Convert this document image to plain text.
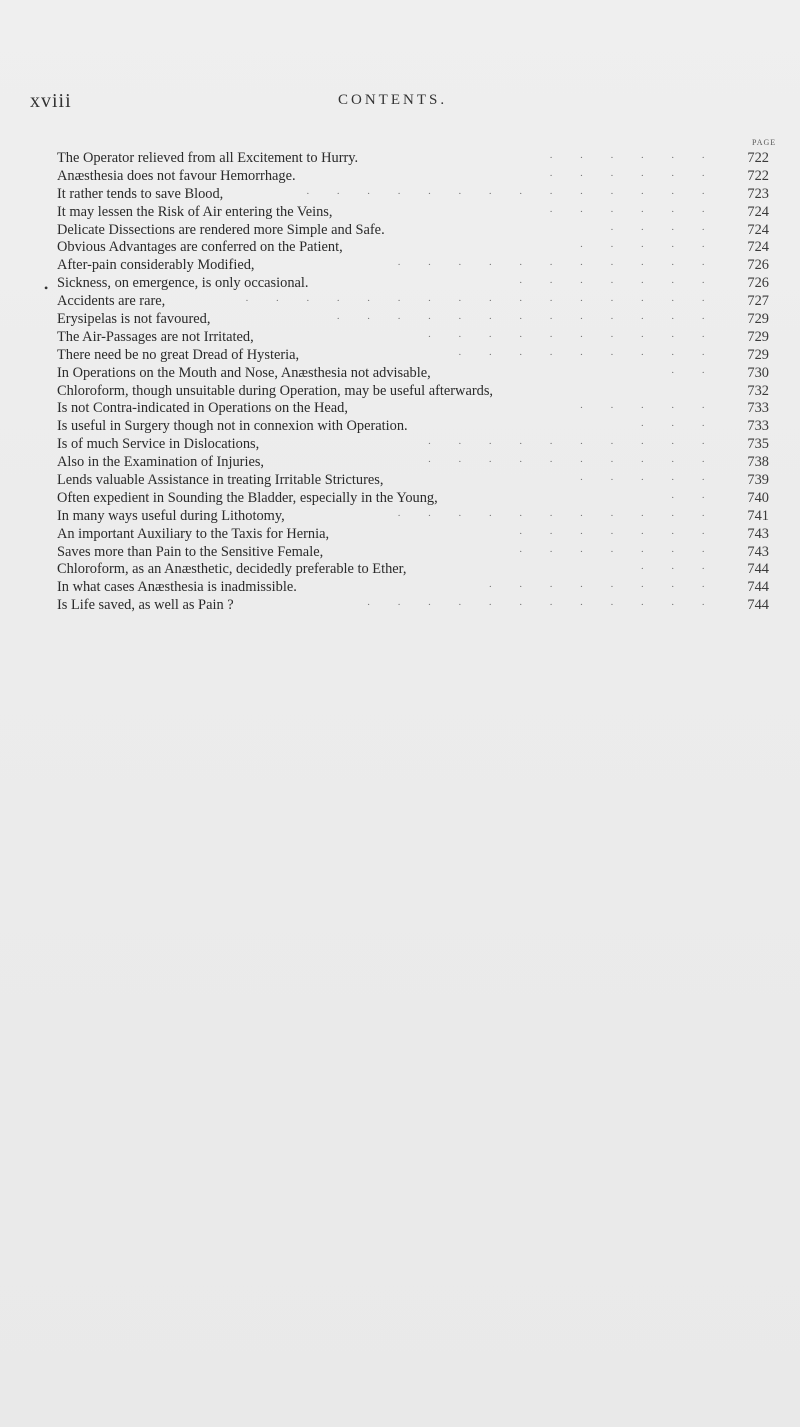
xviii	CONTENTS.
PAGE
•
· · · · · ·
The Operator relieved from all Excitement to Hurry.	722
· · · · · ·
Anæsthesia does not favour Hemorrhage.	722
· · · · · · · · · · · · · ·
It rather tends to save Blood,	723
· · · · · ·
It may lessen the Risk of Air entering the Veins,	724
· · · ·
Delicate Dissections are rendered more Simple and Safe.	724
· · · · ·
Obvious Advantages are conferred on the Patient,	724
· · · · · · · · · · ·
After-pain considerably Modified,	726
· · · · · · ·
Sickness, on emergence, is only occasional.	726
· · · · · · · · · · · · · · · ·
Accidents are rare,	727
· · · · · · · · · · · · ·
Erysipelas is not favoured,	729
· · · · · · · · · ·
The Air-Passages are not Irritated,	729
· · · · · · · · ·
There need be no great Dread of Hysteria,	729
· ·
In Operations on the Mouth and Nose, Anæsthesia not advisable,	730
Chloroform, though unsuitable during Operation, may be useful afterwards,	732
· · · · ·
Is not Contra-indicated in Operations on the Head,	733
· · ·
Is useful in Surgery though not in connexion with Operation.	733
· · · · · · · · · ·
Is of much Service in Dislocations,	735
· · · · · · · · · ·
Also in the Examination of Injuries,	738
· · · · ·
Lends valuable Assistance in treating Irritable Strictures,	739
· ·
Often expedient in Sounding the Bladder, especially in the Young,	740
· · · · · · · · · · ·
In many ways useful during Lithotomy,	741
· · · · · · ·
An important Auxiliary to the Taxis for Hernia,	743
· · · · · · ·
Saves more than Pain to the Sensitive Female,	743
· · ·
Chloroform, as an Anæsthetic, decidedly preferable to Ether,	744
· · · · · · · ·
In what cases Anæsthesia is inadmissible.	744
· · · · · · · · · · · ·
Is Life saved, as well as Pain ?	744
